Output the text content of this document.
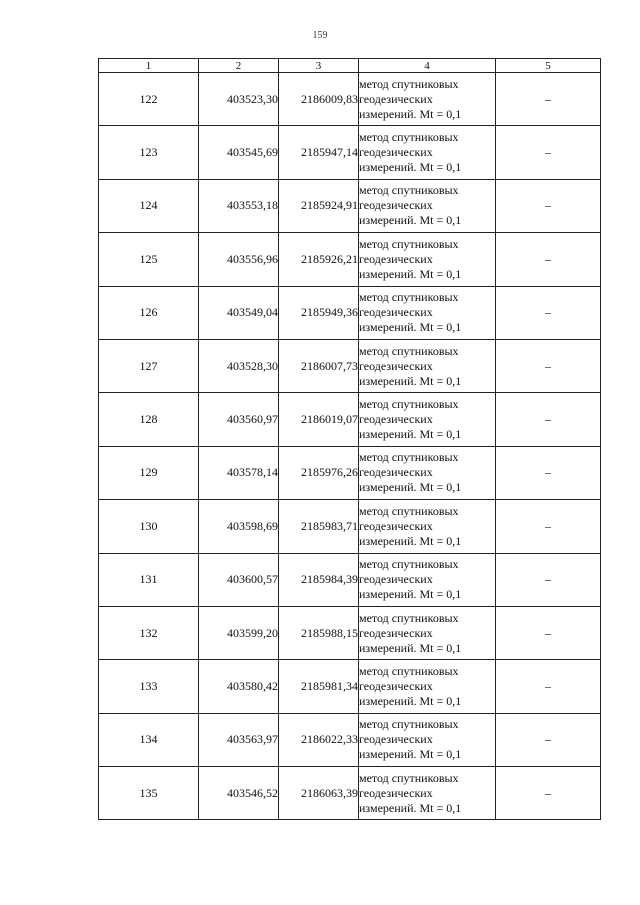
159
1	2	3	4	5
122	403523,30	2186009,83	метод спутниковых
геодезических
измерений. Mt = 0,1	–
123	403545,69	2185947,14	метод спутниковых
геодезических
измерений. Mt = 0,1	–
124	403553,18	2185924,91	метод спутниковых
геодезических
измерений. Mt = 0,1	–
125	403556,96	2185926,21	метод спутниковых
геодезических
измерений. Mt = 0,1	–
126	403549,04	2185949,36	метод спутниковых
геодезических
измерений. Mt = 0,1	–
127	403528,30	2186007,73	метод спутниковых
геодезических
измерений. Mt = 0,1	–
128	403560,97	2186019,07	метод спутниковых
геодезических
измерений. Mt = 0,1	–
129	403578,14	2185976,26	метод спутниковых
геодезических
измерений. Mt = 0,1	–
130	403598,69	2185983,71	метод спутниковых
геодезических
измерений. Mt = 0,1	–
131	403600,57	2185984,39	метод спутниковых
геодезических
измерений. Mt = 0,1	–
132	403599,20	2185988,15	метод спутниковых
геодезических
измерений. Mt = 0,1	–
133	403580,42	2185981,34	метод спутниковых
геодезических
измерений. Mt = 0,1	–
134	403563,97	2186022,33	метод спутниковых
геодезических
измерений. Mt = 0,1	–
135	403546,52	2186063,39	метод спутниковых
геодезических
измерений. Mt = 0,1	–
